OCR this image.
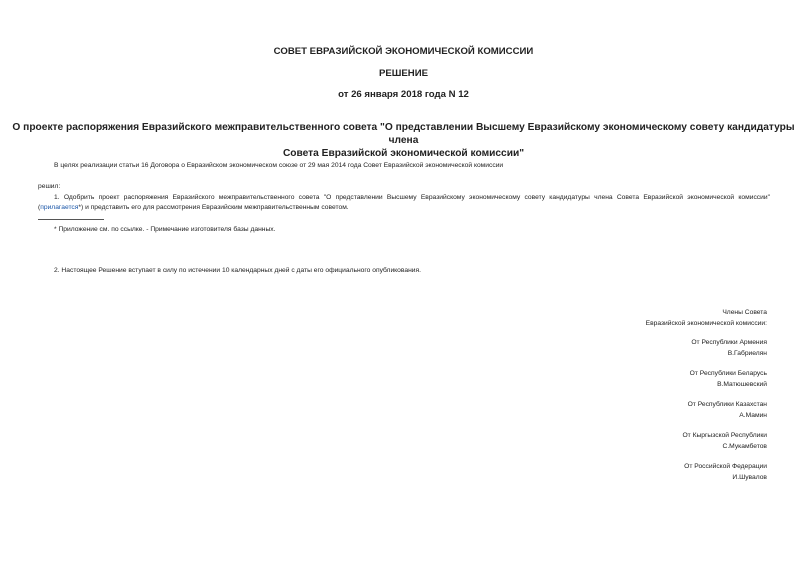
СОВЕТ ЕВРАЗИЙСКОЙ ЭКОНОМИЧЕСКОЙ КОМИССИИ
РЕШЕНИЕ
от 26 января 2018 года N 12
О проекте распоряжения Евразийского межправительственного совета "О представлении Высшему Евразийскому экономическому совету кандидатуры члена
Совета Евразийской экономической комиссии"
В целях реализации статьи 16 Договора о Евразийском экономическом союзе от 29 мая 2014 года Совет Евразийской экономической комиссии
решил:
1. Одобрить проект распоряжения Евразийского межправительственного совета "О представлении Высшему Евразийскому экономическому совету кандидатуры члена Совета Евразийской экономической комиссии" (прилагается*) и представить его для рассмотрения Евразийским межправительственным советом.
* Приложение см. по ссылке. - Примечание изготовителя базы данных.
2. Настоящее Решение вступает в силу по истечении 10 календарных дней с даты его официального опубликования.
Члены Совета
Евразийской экономической комиссии:
От Республики Армения
В.Габриелян
От Республики Беларусь
В.Матюшевский
От Республики Казахстан
А.Мамин
От Кыргызской Республики
С.Мукамбетов
От Российской Федерации
И.Шувалов
